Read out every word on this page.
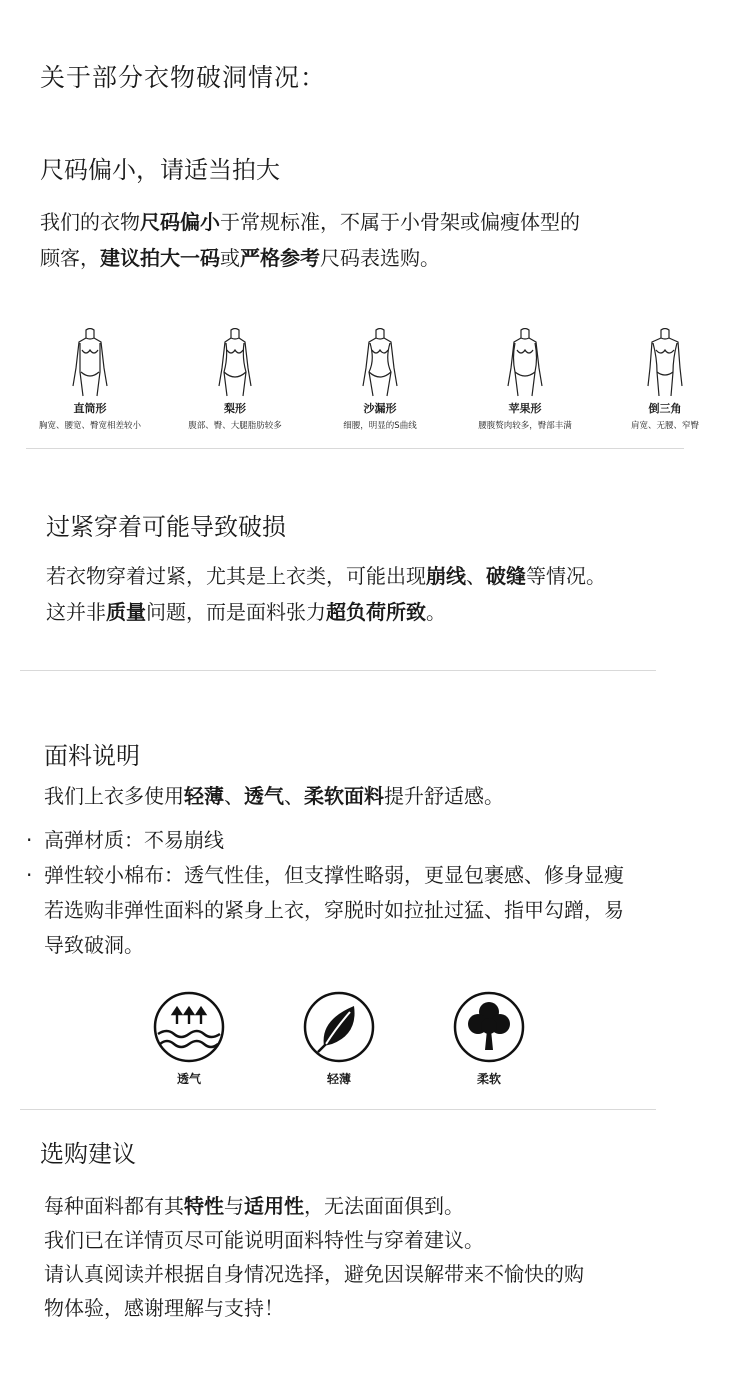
关于部分衣物破洞情况：
尺码偏小，请适当拍大
我们的衣物尺码偏小于常规标准，不属于小骨架或偏瘦体型的
顾客，建议拍大一码或严格参考尺码表选购。
直筒形
胸宽、腰宽、臀宽相差较小
梨形
腹部、臀、大腿脂肪较多
沙漏形
细腰，明显的S曲线
苹果形
腰腹赘肉较多，臀部丰满
倒三角
肩宽、无腰、窄臀
过紧穿着可能导致破损
若衣物穿着过紧，尤其是上衣类，可能出现崩线、破缝等情况。
这并非质量问题，而是面料张力超负荷所致。
面料说明
我们上衣多使用轻薄、透气、柔软面料提升舒适感。
· 高弹材质：不易崩线
· 弹性较小棉布：透气性佳，但支撑性略弱，更显包裹感、修身显瘦
若选购非弹性面料的紧身上衣，穿脱时如拉扯过猛、指甲勾蹭，易
导致破洞。
透气	轻薄	柔软
选购建议
每种面料都有其特性与适用性，无法面面俱到。
我们已在详情页尽可能说明面料特性与穿着建议。
请认真阅读并根据自身情况选择，避免因误解带来不愉快的购
物体验，感谢理解与支持！
